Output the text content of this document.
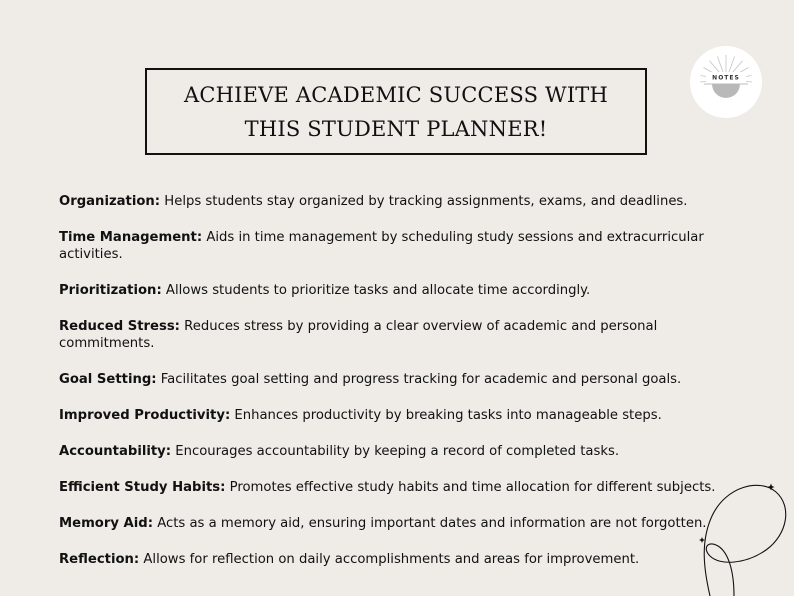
ACHIEVE ACADEMIC SUCCESS WITH
THIS STUDENT PLANNER!
NOTES
Organization: Helps students stay organized by tracking assignments, exams, and deadlines.
Time Management: Aids in time management by scheduling study sessions and extracurricular activities.
Prioritization: Allows students to prioritize tasks and allocate time accordingly.
Reduced Stress: Reduces stress by providing a clear overview of academic and personal commitments.
Goal Setting: Facilitates goal setting and progress tracking for academic and personal goals.
Improved Productivity: Enhances productivity by breaking tasks into manageable steps.
Accountability: Encourages accountability by keeping a record of completed tasks.
Efficient Study Habits: Promotes effective study habits and time allocation for different subjects.
Memory Aid: Acts as a memory aid, ensuring important dates and information are not forgotten.
Reflection: Allows for reflection on daily accomplishments and areas for improvement.
